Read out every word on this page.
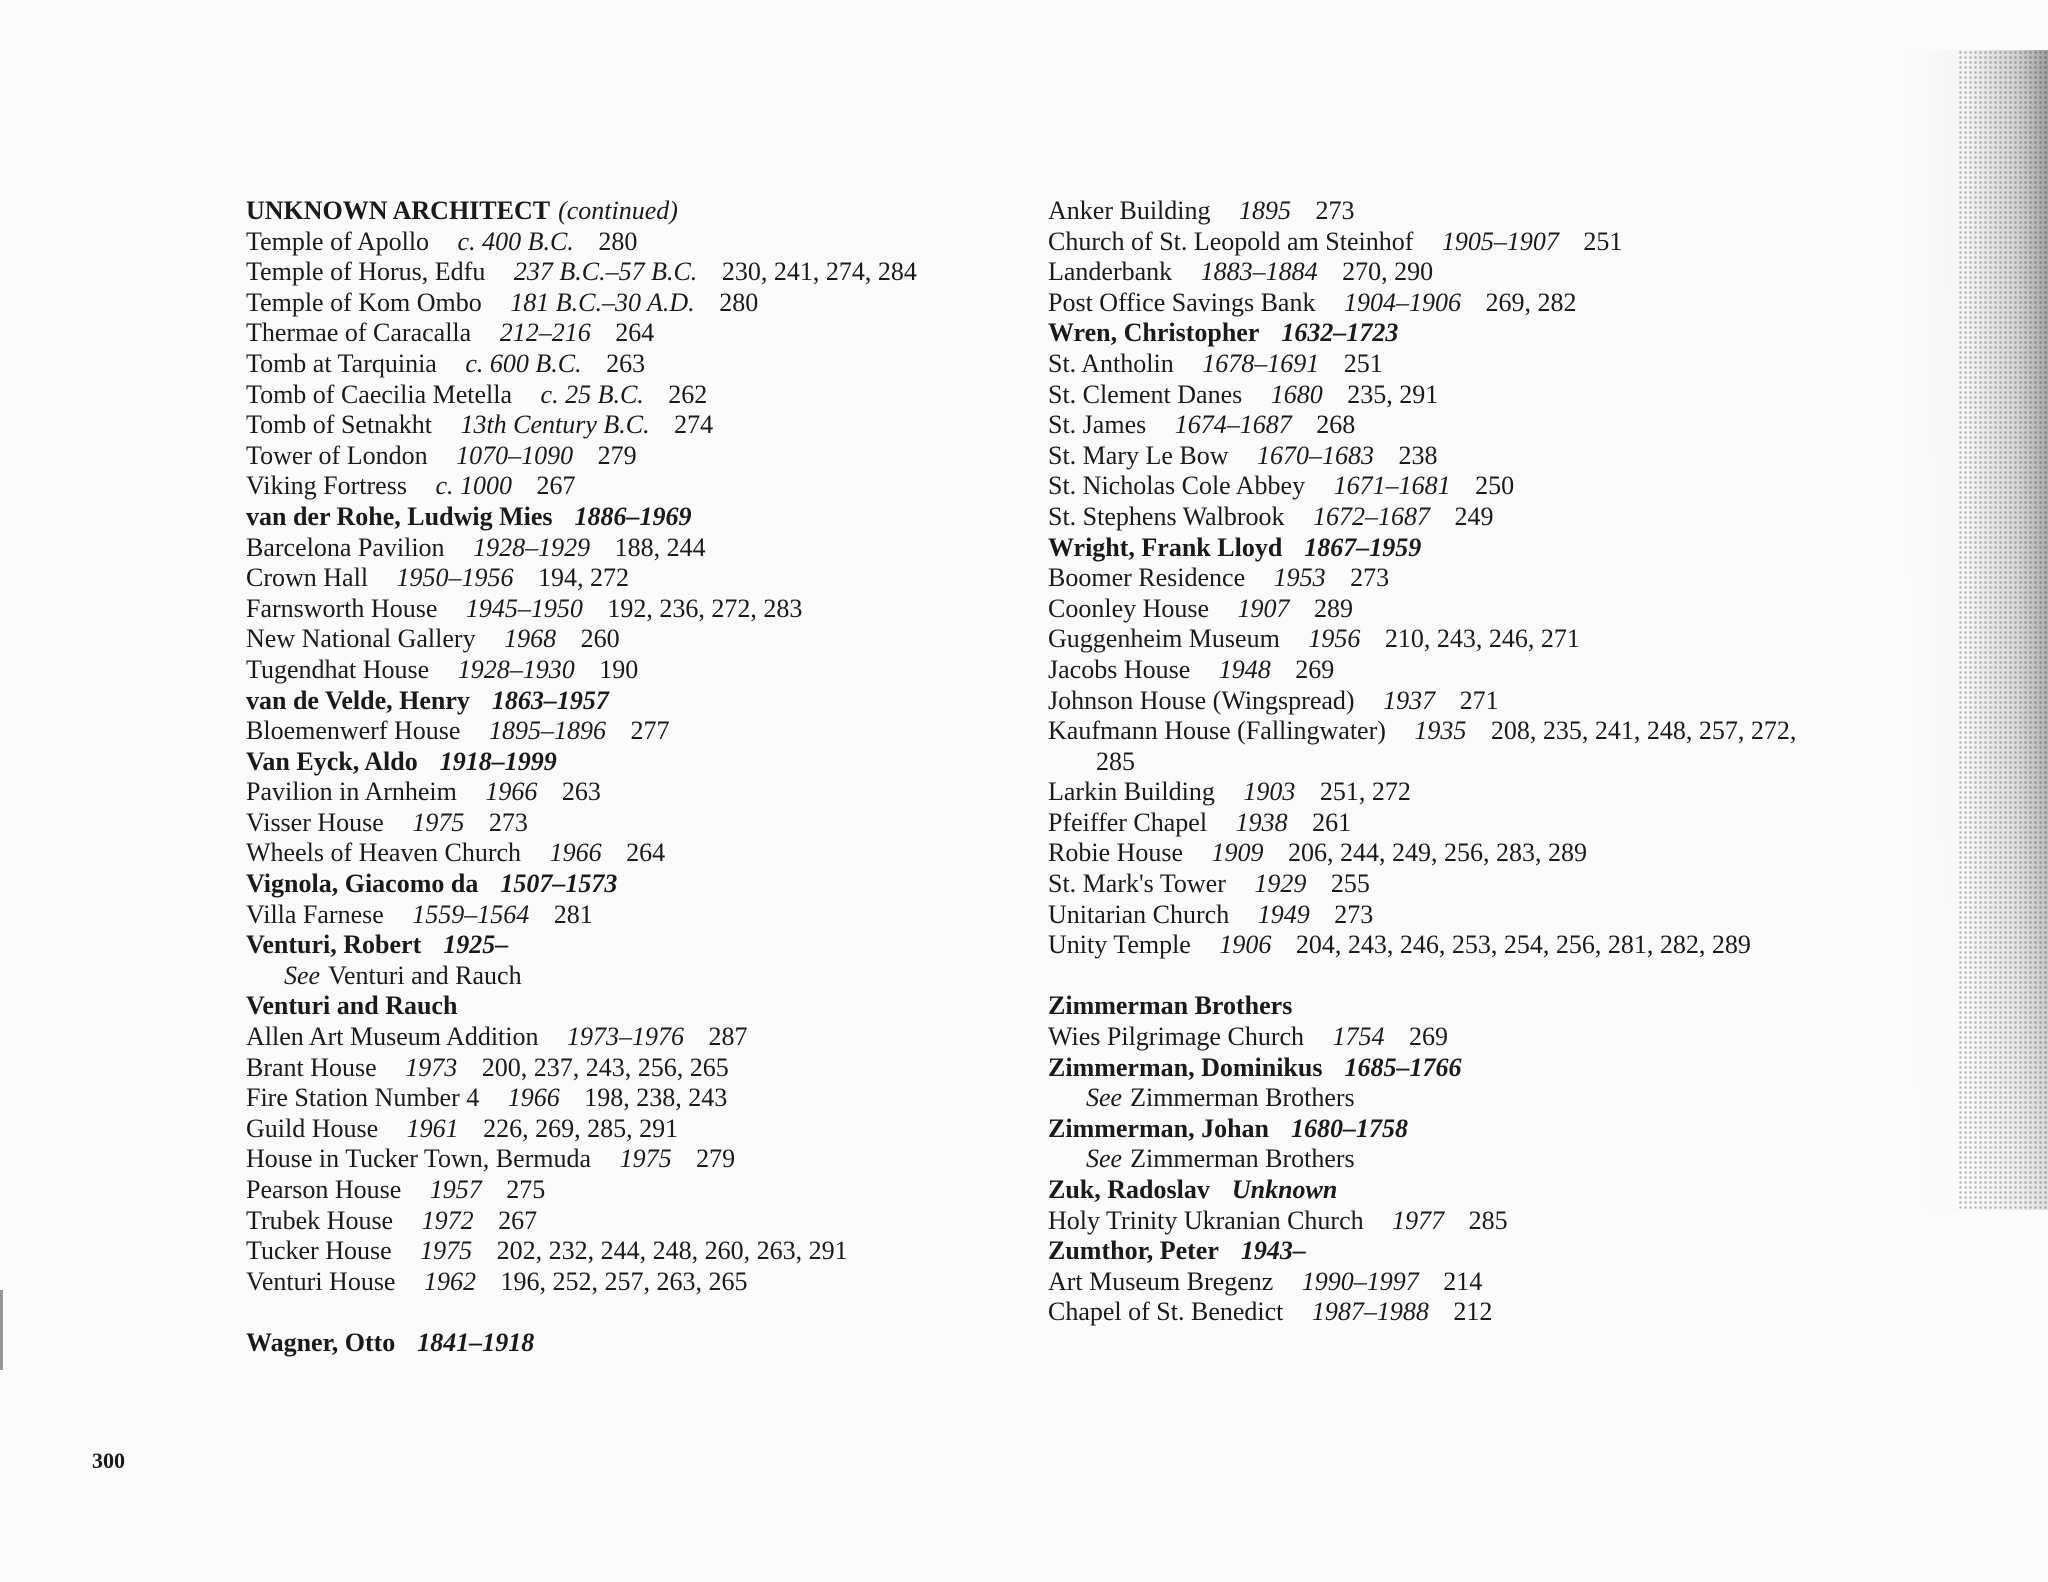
UNKNOWN ARCHITECT (continued)
Temple of Apollo c. 400 B.C. 280
Temple of Horus, Edfu 237 B.C.–57 B.C. 230, 241, 274, 284
Temple of Kom Ombo 181 B.C.–30 A.D. 280
Thermae of Caracalla 212–216 264
Tomb at Tarquinia c. 600 B.C. 263
Tomb of Caecilia Metella c. 25 B.C. 262
Tomb of Setnakht 13th Century B.C. 274
Tower of London 1070–1090 279
Viking Fortress c. 1000 267
van der Rohe, Ludwig Mies 1886–1969
Barcelona Pavilion 1928–1929 188, 244
Crown Hall 1950–1956 194, 272
Farnsworth House 1945–1950 192, 236, 272, 283
New National Gallery 1968 260
Tugendhat House 1928–1930 190
van de Velde, Henry 1863–1957
Bloemenwerf House 1895–1896 277
Van Eyck, Aldo 1918–1999
Pavilion in Arnheim 1966 263
Visser House 1975 273
Wheels of Heaven Church 1966 264
Vignola, Giacomo da 1507–1573
Villa Farnese 1559–1564 281
Venturi, Robert 1925–
See Venturi and Rauch
Venturi and Rauch
Allen Art Museum Addition 1973–1976 287
Brant House 1973 200, 237, 243, 256, 265
Fire Station Number 4 1966 198, 238, 243
Guild House 1961 226, 269, 285, 291
House in Tucker Town, Bermuda 1975 279
Pearson House 1957 275
Trubek House 1972 267
Tucker House 1975 202, 232, 244, 248, 260, 263, 291
Venturi House 1962 196, 252, 257, 263, 265
Wagner, Otto 1841–1918
Anker Building 1895 273
Church of St. Leopold am Steinhof 1905–1907 251
Landerbank 1883–1884 270, 290
Post Office Savings Bank 1904–1906 269, 282
Wren, Christopher 1632–1723
St. Antholin 1678–1691 251
St. Clement Danes 1680 235, 291
St. James 1674–1687 268
St. Mary Le Bow 1670–1683 238
St. Nicholas Cole Abbey 1671–1681 250
St. Stephens Walbrook 1672–1687 249
Wright, Frank Lloyd 1867–1959
Boomer Residence 1953 273
Coonley House 1907 289
Guggenheim Museum 1956 210, 243, 246, 271
Jacobs House 1948 269
Johnson House (Wingspread) 1937 271
Kaufmann House (Fallingwater) 1935 208, 235, 241, 248, 257, 272, 285
Larkin Building 1903 251, 272
Pfeiffer Chapel 1938 261
Robie House 1909 206, 244, 249, 256, 283, 289
St. Mark's Tower 1929 255
Unitarian Church 1949 273
Unity Temple 1906 204, 243, 246, 253, 254, 256, 281, 282, 289
Zimmerman Brothers
Wies Pilgrimage Church 1754 269
Zimmerman, Dominikus 1685–1766
See Zimmerman Brothers
Zimmerman, Johan 1680–1758
See Zimmerman Brothers
Zuk, Radoslav Unknown
Holy Trinity Ukranian Church 1977 285
Zumthor, Peter 1943–
Art Museum Bregenz 1990–1997 214
Chapel of St. Benedict 1987–1988 212
300
